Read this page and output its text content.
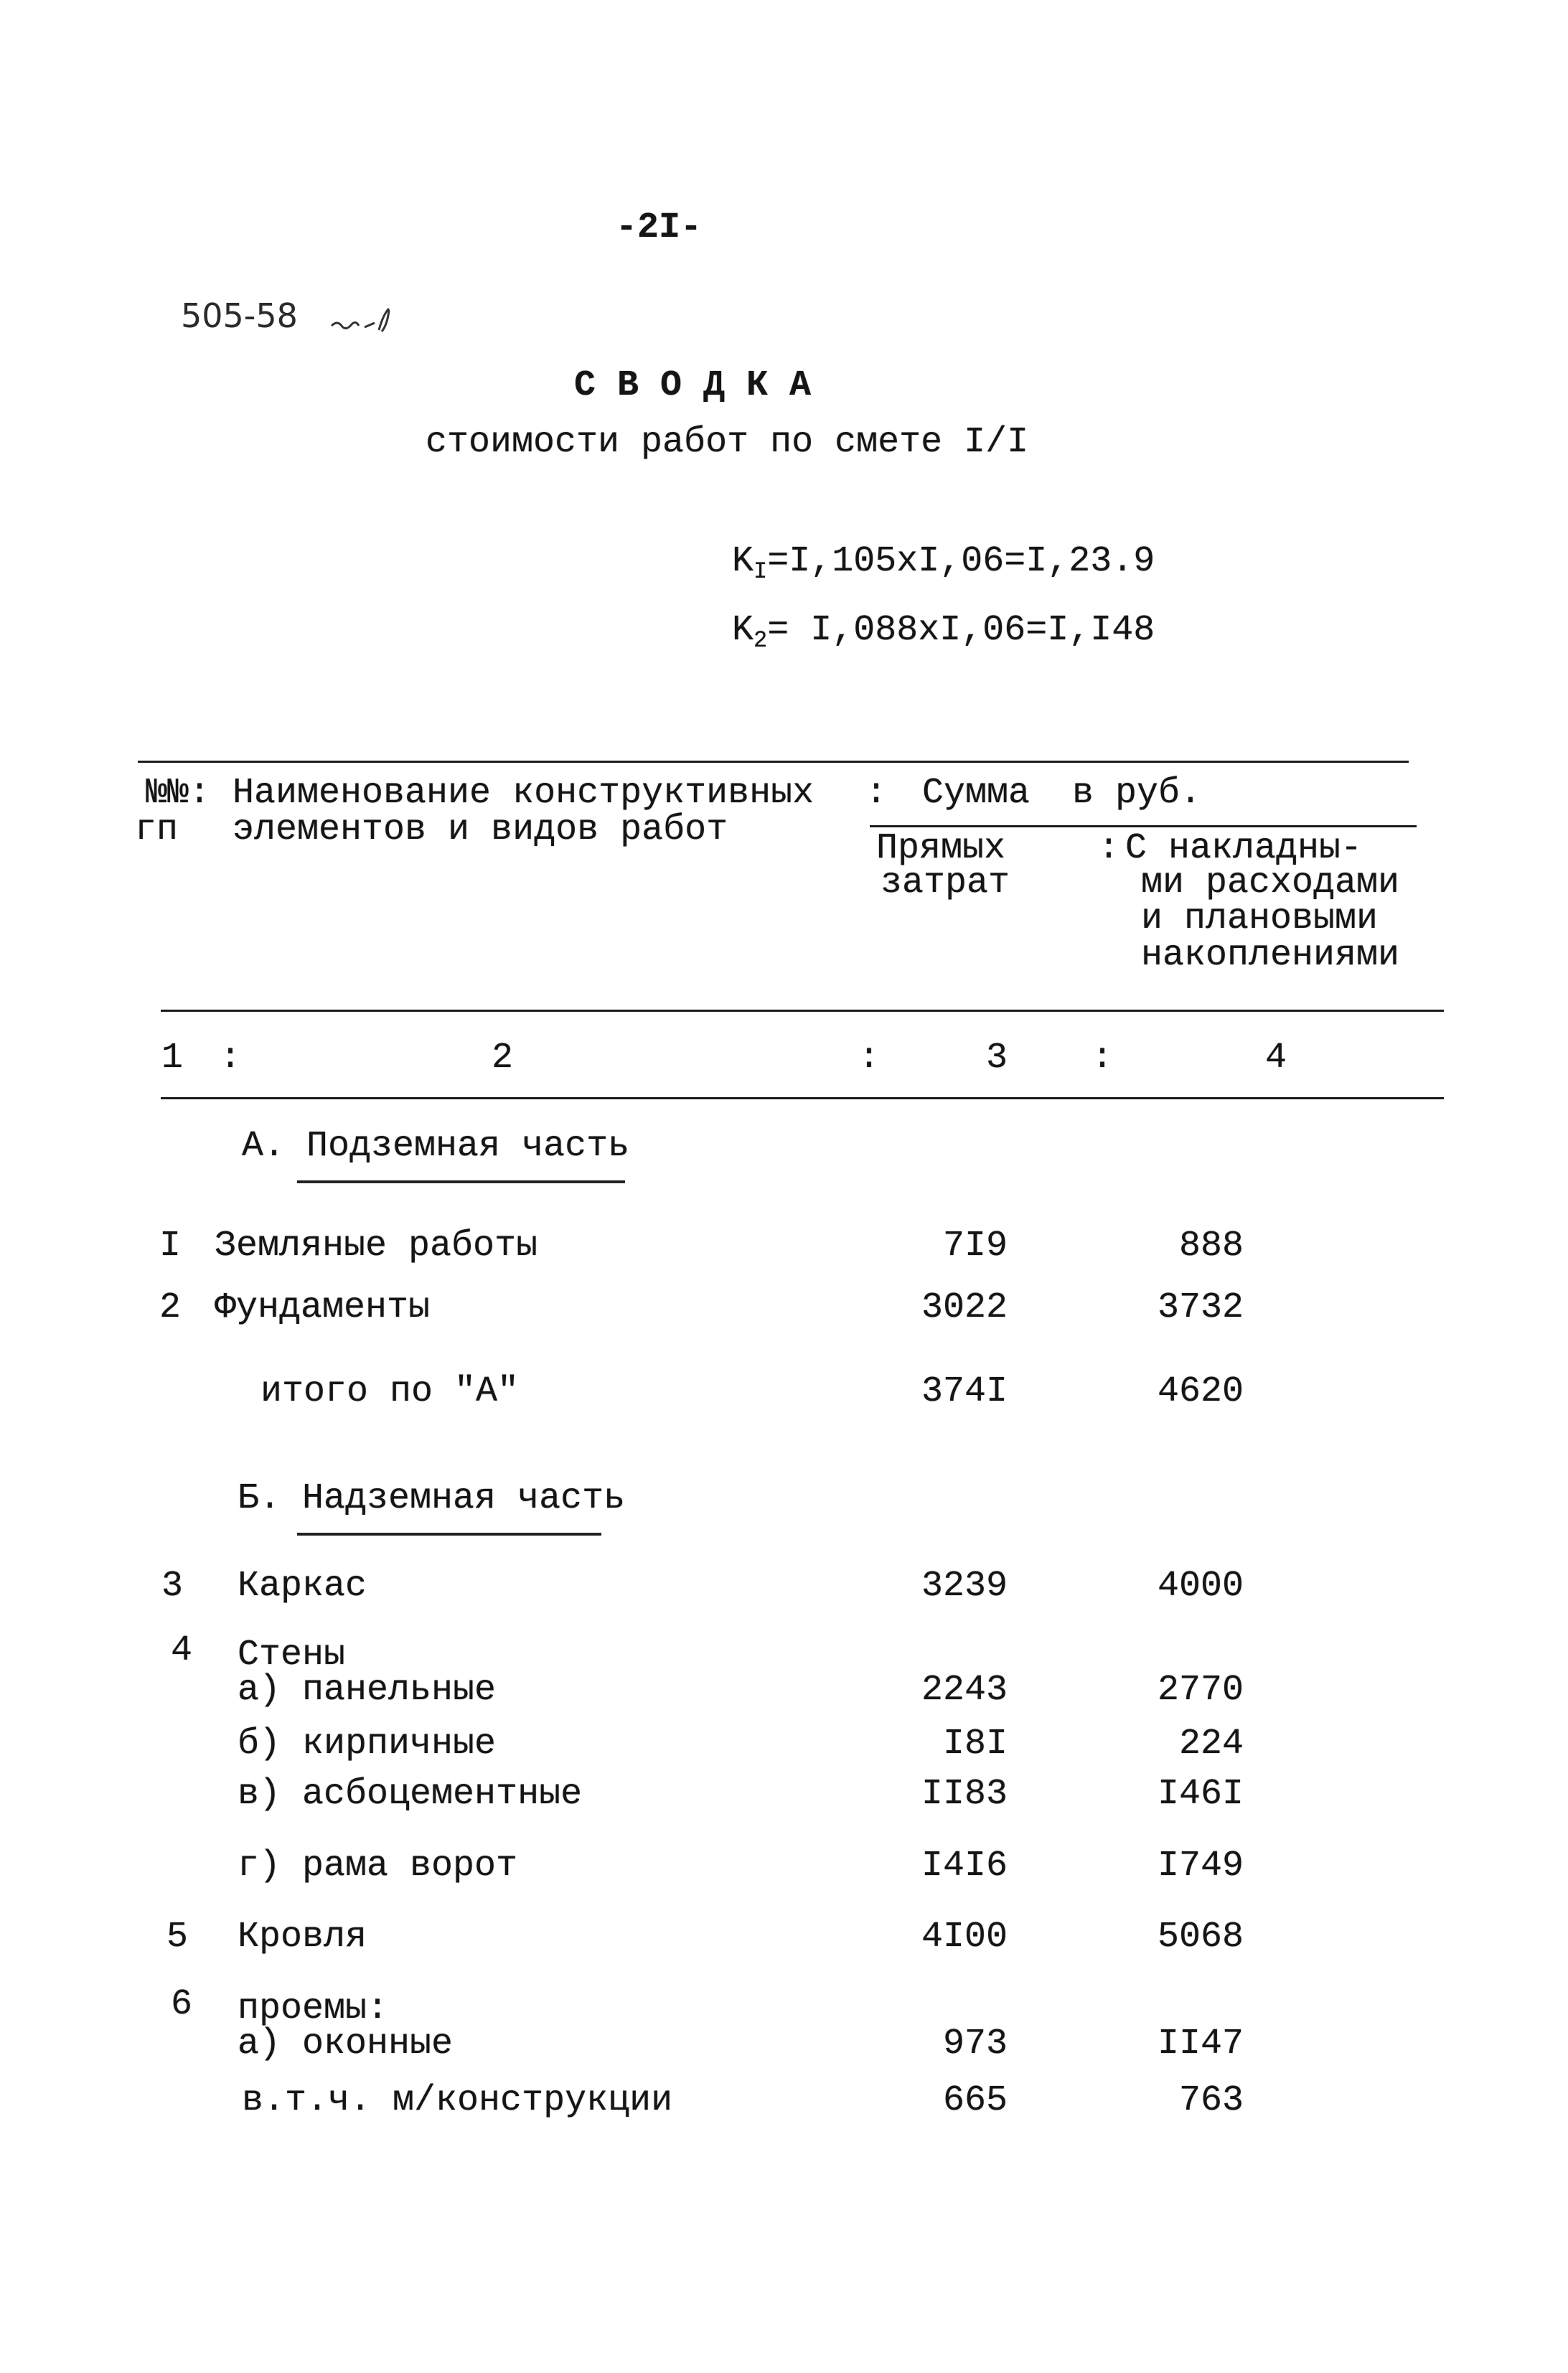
-2I-
505-58
С В О Д К А
стоимости работ по смете I/I
$K_I=I,105xI,06=I,23.9$
$K_2= I,088xI,06=I,I48$
№№: Наименование конструктивных : Сумма в руб.
гп элементов и видов работ	Прямых	: С накладны-
затрат	ми расходами
и плановыми
накоплениями
1 :	2	:	3 :	4
А. Подземная часть
I Земляные работы	7I9	888
2 Фундаменты	3022	3732
итого по "А"	374I	4620
Б. Надземная часть
3 Каркас	3239	4000
4 Стены
а) панельные	2243	2770
б) кирпичные	I8I	224
в) асбоцементные	II83	I46I
г) рама ворот	I4I6	I749
5 Кровля	4I00	5068
6 проемы:
а) оконные	973	II47
в.т.ч. м/конструкции	665	763
